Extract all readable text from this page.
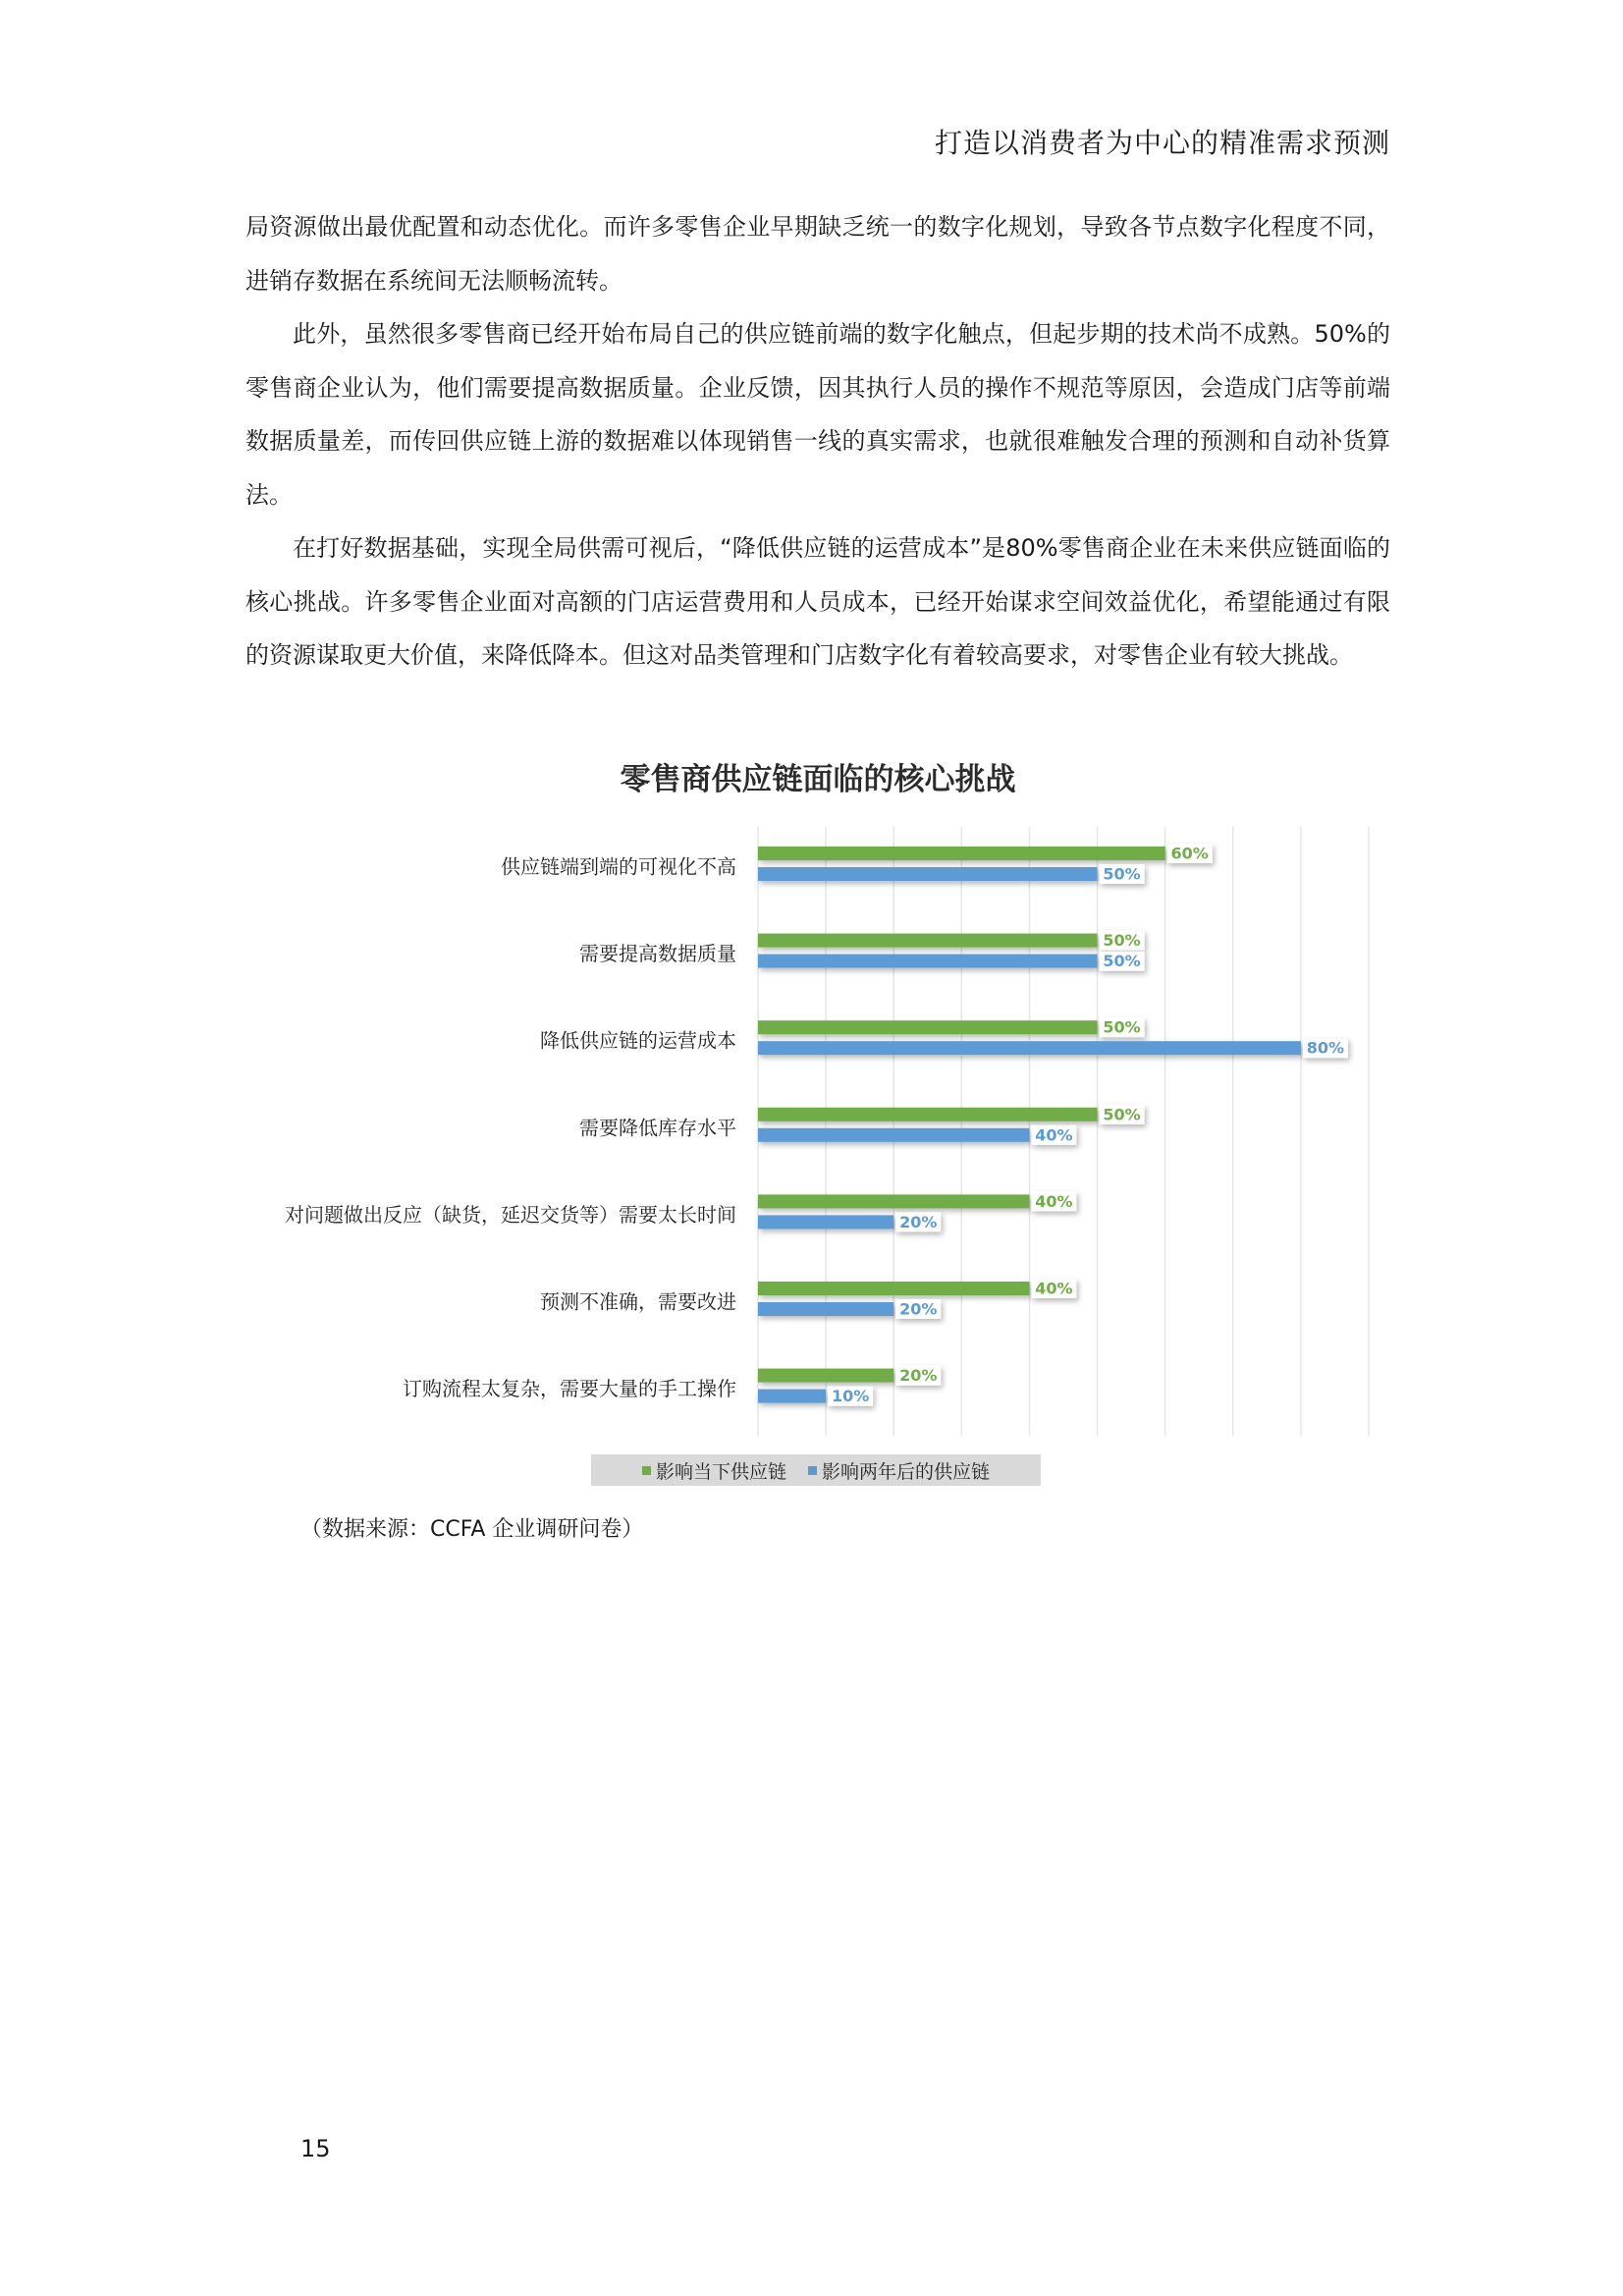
打造以消费者为中心的精准需求预测

局资源做出最优配置和动态优化。而许多零售企业早期缺乏统一的数字化规划，导致各节点数字化程度不同，进销存数据在系统间无法顺畅流转。

此外，虽然很多零售商已经开始布局自己的供应链前端的数字化触点，但起步期的技术尚不成熟。50%的零售商企业认为，他们需要提高数据质量。企业反馈，因其执行人员的操作不规范等原因，会造成门店等前端数据质量差，而传回供应链上游的数据难以体现销售一线的真实需求，也就很难触发合理的预测和自动补货算法。

在打好数据基础，实现全局供需可视后，“降低供应链的运营成本”是80%零售商企业在未来供应链面临的核心挑战。许多零售企业面对高额的门店运营费用和人员成本，已经开始谋求空间效益优化，希望能通过有限的资源谋取更大价值，来降低降本。但这对品类管理和门店数字化有着较高要求，对零售企业有较大挑战。

零售商供应链面临的核心挑战
供应链端到端的可视化不高
需要提高数据质量
降低供应链的运营成本
需要降低库存水平
对问题做出反应（缺货，延迟交货等）需要太长时间
预测不准确，需要改进
订购流程太复杂，需要大量的手工操作
60%
50%
50%
50%
50%
80%
50%
40%
40%
20%
40%
20%
20%
10%
影响当下供应链 影响两年后的供应链
（数据来源：CCFA 企业调研问卷）
15
